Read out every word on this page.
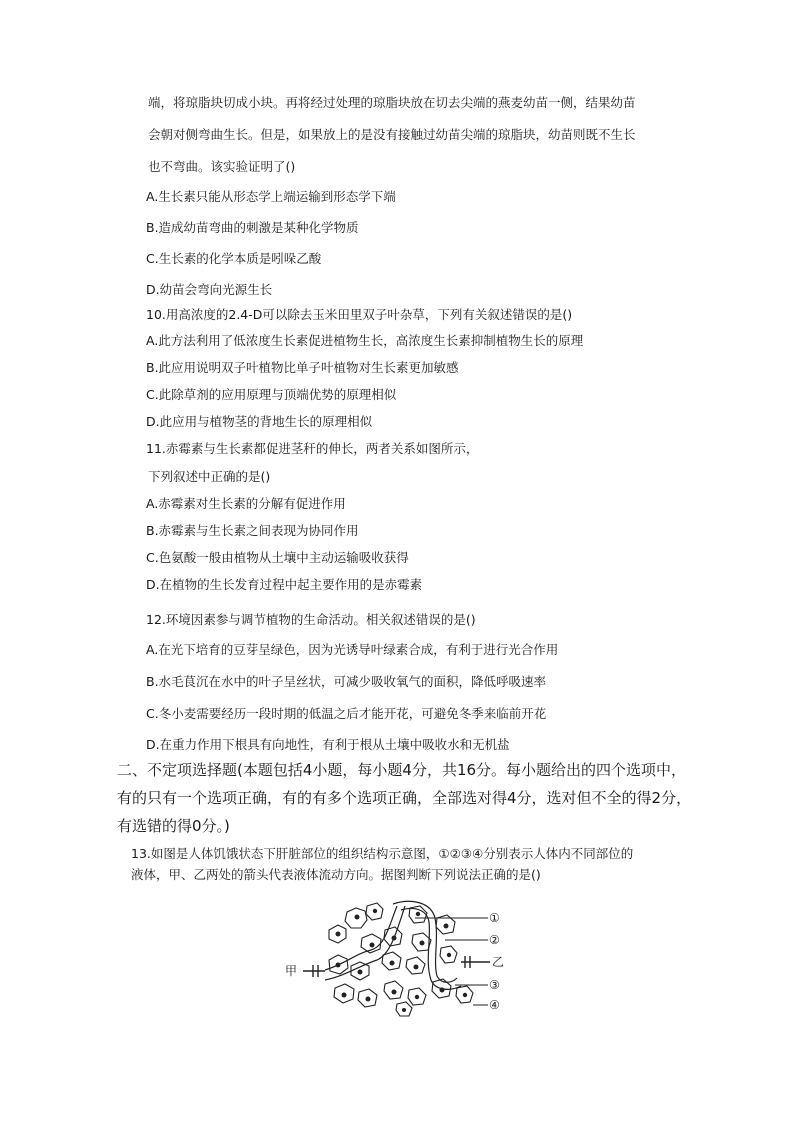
端，将琼脂块切成小块。再将经过处理的琼脂块放在切去尖端的燕麦幼苗一侧，结果幼苗
会朝对侧弯曲生长。但是，如果放上的是没有接触过幼苗尖端的琼脂块，幼苗则既不生长
也不弯曲。该实验证明了()
A.生长素只能从形态学上端运输到形态学下端
B.造成幼苗弯曲的刺激是某种化学物质
C.生长素的化学本质是吲哚乙酸
D.幼苗会弯向光源生长
10.用高浓度的2.4-D可以除去玉米田里双子叶杂草，下列有关叙述错误的是()
A.此方法利用了低浓度生长素促进植物生长，高浓度生长素抑制植物生长的原理
B.此应用说明双子叶植物比单子叶植物对生长素更加敏感
C.此除草剂的应用原理与顶端优势的原理相似
D.此应用与植物茎的背地生长的原理相似
11.赤霉素与生长素都促进茎秆的伸长，两者关系如图所示，
下列叙述中正确的是()
A.赤霉素对生长素的分解有促进作用
B.赤霉素与生长素之间表现为协同作用
C.色氨酸一般由植物从土壤中主动运输吸收获得
D.在植物的生长发育过程中起主要作用的是赤霉素
12.环境因素参与调节植物的生命活动。相关叙述错误的是()
A.在光下培育的豆芽呈绿色，因为光诱导叶绿素合成，有利于进行光合作用
B.水毛茛沉在水中的叶子呈丝状，可减少吸收氧气的面积，降低呼吸速率
C.冬小麦需要经历一段时期的低温之后才能开花，可避免冬季来临前开花
D.在重力作用下根具有向地性，有利于根从土壤中吸收水和无机盐
二、不定项选择题(本题包括4小题，每小题4分，共16分。每小题给出的四个选项中，
有的只有一个选项正确，有的有多个选项正确，全部选对得4分，选对但不全的得2分，
有选错的得0分。)
13.如图是人体饥饿状态下肝脏部位的组织结构示意图，①②③④分别表示人体内不同部位的
液体，甲、乙两处的箭头代表液体流动方向。据图判断下列说法正确的是()
甲
乙
①
②
③
④
